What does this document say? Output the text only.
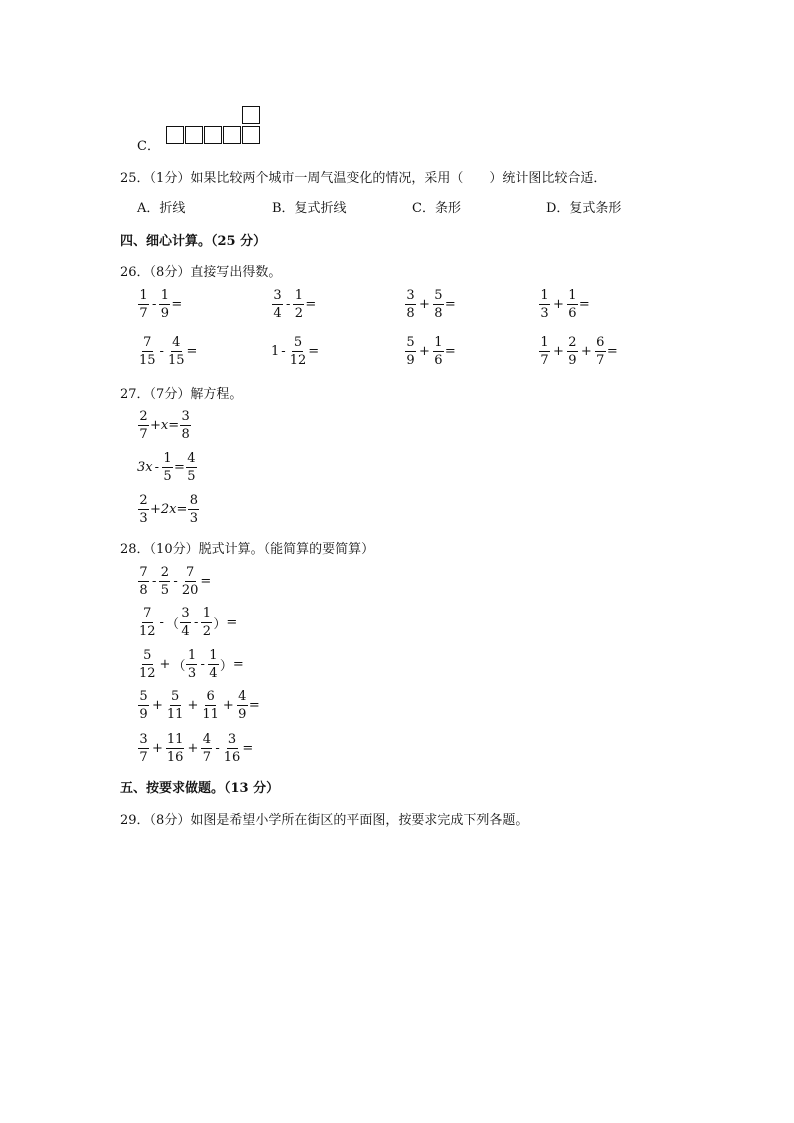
C．
25．（1分）如果比较两个城市一周气温变化的情况，采用（　　）统计图比较合适．
A．折线	B．复式折线	C．条形	D．复式条形
四、细心计算。（25 分）
26．（8分）直接写出得数。
$\frac{1}{7} - \frac{1}{9}$ =	$\frac{3}{4} - \frac{1}{2}$ =	$\frac{3}{8} + \frac{5}{8}$ =	$\frac{1}{3} + \frac{1}{6}$ =
$\frac{7}{15} - \frac{4}{15}$ =	$1 - \frac{5}{12}$ =	$\frac{5}{9} + \frac{1}{6}$ =	$\frac{1}{7} + \frac{2}{9} + \frac{6}{7}$ =
27．（7分）解方程。
$\frac{2}{7} +x= \frac{3}{8}$
$3x - \frac{1}{5} = \frac{4}{5}$
$\frac{2}{3} +2x= \frac{8}{3}$
28．（10分）脱式计算。（能简算的要简算）
$\frac{7}{8} - \frac{2}{5} - \frac{7}{20}$ =
$\frac{7}{12}$ - （ $\frac{3}{4} - \frac{1}{2}$ ） =
$\frac{5}{12}$ + （ $\frac{1}{3} - \frac{1}{4}$ ） =
$\frac{5}{9} + \frac{5}{11} + \frac{6}{11} + \frac{4}{9}$ =
$\frac{3}{7} + \frac{11}{16} + \frac{4}{7} - \frac{3}{16}$ =
五、按要求做题。（13 分）
29．（8分）如图是希望小学所在街区的平面图，按要求完成下列各题。
